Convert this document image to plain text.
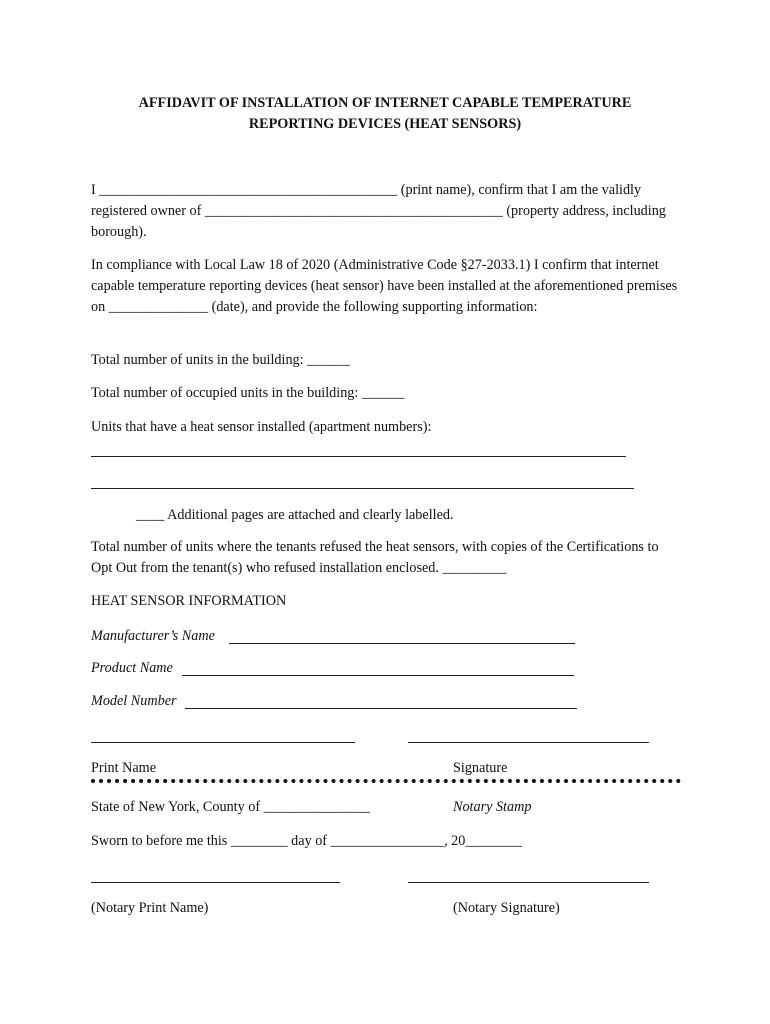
AFFIDAVIT OF INSTALLATION OF INTERNET CAPABLE TEMPERATURE
REPORTING DEVICES (HEAT SENSORS)

I __________________________________________ (print name), confirm that I am the validly registered owner of __________________________________________ (property address, including borough).

In compliance with Local Law 18 of 2020 (Administrative Code §27-2033.1) I confirm that internet capable temperature reporting devices (heat sensor) have been installed at the aforementioned premises on ______________ (date), and provide the following supporting information:

Total number of units in the building: ______
Total number of occupied units in the building: ______
Units that have a heat sensor installed (apartment numbers):
____ Additional pages are attached and clearly labelled.

Total number of units where the tenants refused the heat sensors, with copies of the Certifications to Opt Out from the tenant(s) who refused installation enclosed. _________

HEAT SENSOR INFORMATION
Manufacturer’s Name
Product Name
Model Number
Print Name	Signature
State of New York, County of _______________	Notary Stamp
Sworn to before me this ________ day of ________________, 20________
(Notary Print Name)	(Notary Signature)
